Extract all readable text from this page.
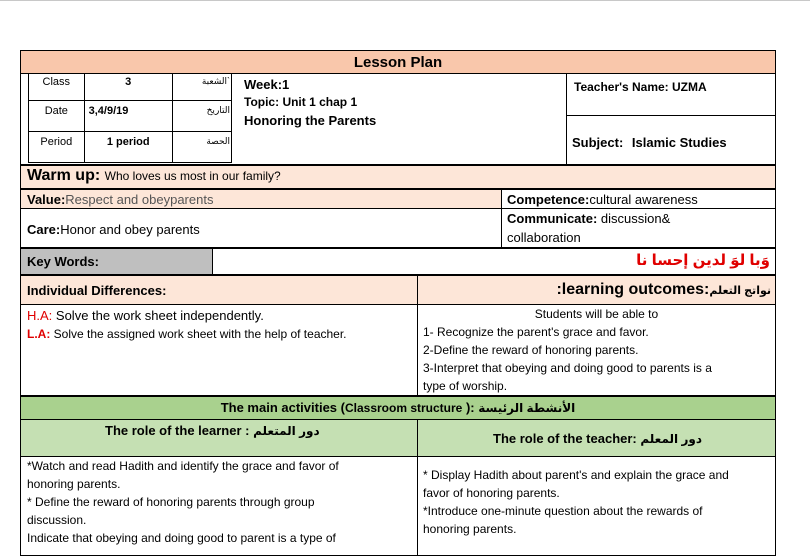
Lesson Plan
Class	3	الشعبة`
Date	3,4/9/19	التاريخ
Period	1 period	الحصة
Week:1
Topic: Unit 1 chap 1
Honoring the Parents
Teacher's Name: UZMA
Subject: Islamic Studies
Warm up: Who loves us most in our family?
Value:Respect and obeyparents	Competence:cultural awareness
Care:Honor and obey parents
Communicate: discussion&
collaboration
Key Words:	وَبا لوَ لدين إحسا نا
Individual Differences:	:learning outcomes:نواتج التعلم
H.A: Solve the work sheet independently.
L.A: Solve the assigned work sheet with the help of teacher.
Students will be able to
1- Recognize the parent's grace and favor.
2-Define the reward of honoring parents.
3-Interpret that obeying and doing good to parents is a
type of worship.
The main activities (Classroom structure ): الأنشطة الرئيسة
The role of the learner : دور المتعلم	The role of the teacher: دور المعلم
*Watch and read Hadith and identify the grace and favor of
honoring parents.
* Define the reward of honoring parents through group
discussion.
Indicate that obeying and doing good to parent is a type of
* Display Hadith about parent's and explain the grace and
favor of honoring parents.
*Introduce one-minute question about the rewards of
honoring parents.
